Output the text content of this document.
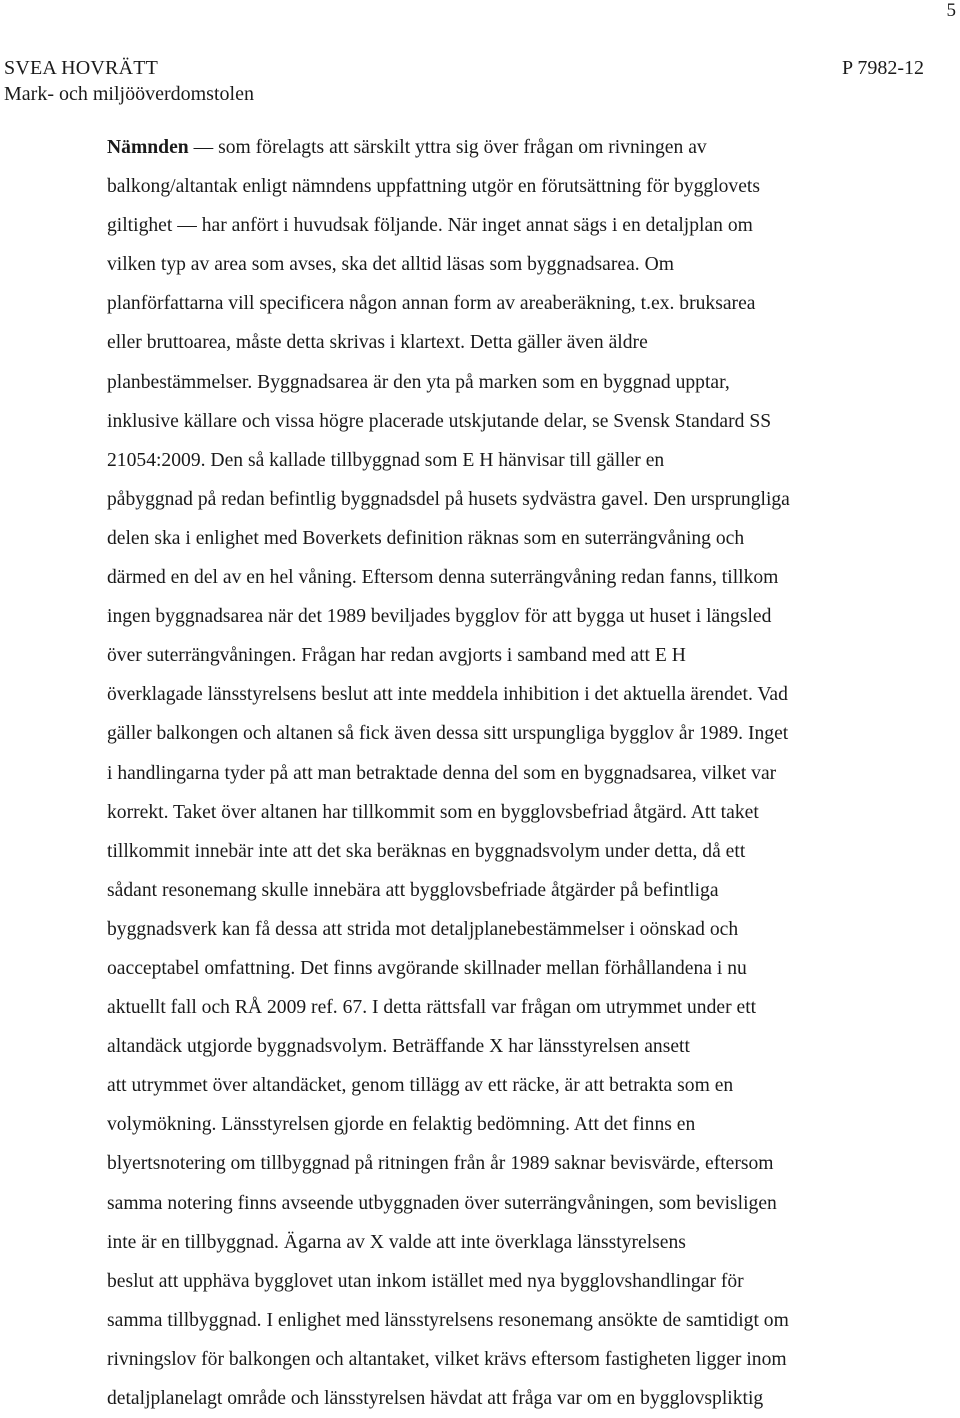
5
SVEA HOVRÄTT	P 7982-12
Mark- och miljööverdomstolen

Nämnden — som förelagts att särskilt yttra sig över frågan om rivningen av
balkong/altantak enligt nämndens uppfattning utgör en förutsättning för bygglovets
giltighet — har anfört i huvudsak följande. När inget annat sägs i en detaljplan om
vilken typ av area som avses, ska det alltid läsas som byggnadsarea. Om
planförfattarna vill specificera någon annan form av areaberäkning, t.ex. bruksarea
eller bruttoarea, måste detta skrivas i klartext. Detta gäller även äldre
planbestämmelser. Byggnadsarea är den yta på marken som en byggnad upptar,
inklusive källare och vissa högre placerade utskjutande delar, se Svensk Standard SS
21054:2009. Den så kallade tillbyggnad som E H hänvisar till gäller en
påbyggnad på redan befintlig byggnadsdel på husets sydvästra gavel. Den ursprungliga
delen ska i enlighet med Boverkets definition räknas som en suterrängvåning och
därmed en del av en hel våning. Eftersom denna suterrängvåning redan fanns, tillkom
ingen byggnadsarea när det 1989 beviljades bygglov för att bygga ut huset i längsled
över suterrängvåningen. Frågan har redan avgjorts i samband med att E H
överklagade länsstyrelsens beslut att inte meddela inhibition i det aktuella ärendet. Vad
gäller balkongen och altanen så fick även dessa sitt urspungliga bygglov år 1989. Inget
i handlingarna tyder på att man betraktade denna del som en byggnadsarea, vilket var
korrekt. Taket över altanen har tillkommit som en bygglovsbefriad åtgärd. Att taket
tillkommit innebär inte att det ska beräknas en byggnadsvolym under detta, då ett
sådant resonemang skulle innebära att bygglovsbefriade åtgärder på befintliga
byggnadsverk kan få dessa att strida mot detaljplanebestämmelser i oönskad och
oacceptabel omfattning. Det finns avgörande skillnader mellan förhållandena i nu
aktuellt fall och RÅ 2009 ref. 67. I detta rättsfall var frågan om utrymmet under ett
altandäck utgjorde byggnadsvolym. Beträffande X har länsstyrelsen ansett
att utrymmet över altandäcket, genom tillägg av ett räcke, är att betrakta som en
volymökning. Länsstyrelsen gjorde en felaktig bedömning. Att det finns en
blyertsnotering om tillbyggnad på ritningen från år 1989 saknar bevisvärde, eftersom
samma notering finns avseende utbyggnaden över suterrängvåningen, som bevisligen
inte är en tillbyggnad. Ägarna av X valde att inte överklaga länsstyrelsens
beslut att upphäva bygglovet utan inkom istället med nya bygglovshandlingar för
samma tillbyggnad. I enlighet med länsstyrelsens resonemang ansökte de samtidigt om
rivningslov för balkongen och altantaket, vilket krävs eftersom fastigheten ligger inom
detaljplanelagt område och länsstyrelsen hävdat att fråga var om en bygglovspliktig
